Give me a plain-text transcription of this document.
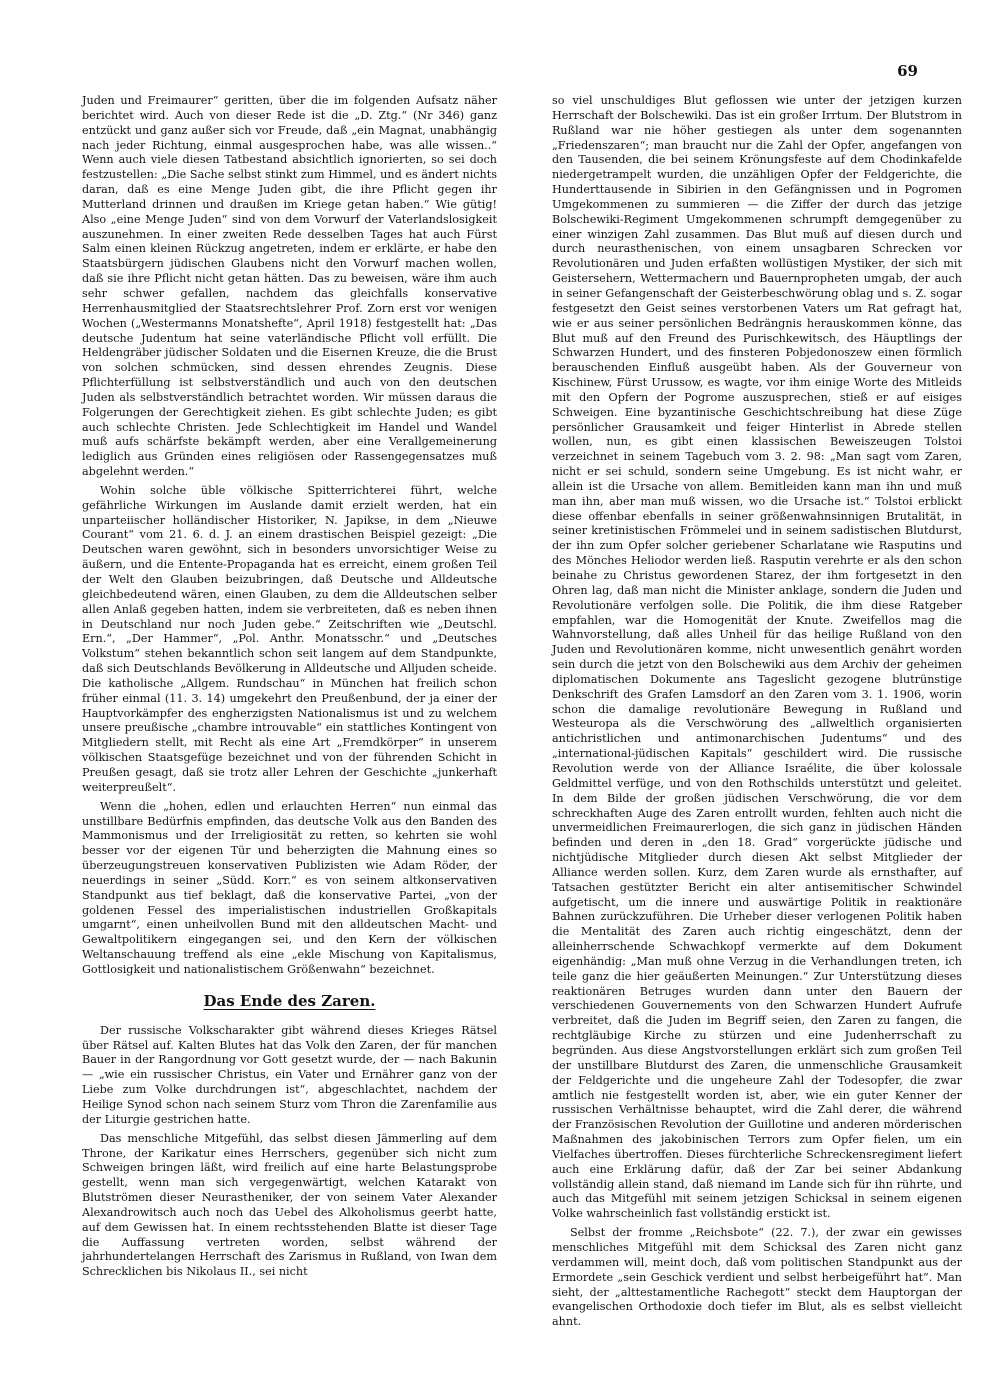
69

Juden und Freimaurer“ geritten, über die im folgenden Aufsatz näher berichtet wird. Auch von dieser Rede ist die „D. Ztg.“ (Nr 346) ganz entzückt und ganz außer sich vor Freude, daß „ein Magnat, unabhängig nach jeder Richtung, einmal ausgesprochen habe, was alle wissen..“ Wenn auch viele diesen Tatbestand absichtlich ignorierten, so sei doch festzustellen: „Die Sache selbst stinkt zum Himmel, und es ändert nichts daran, daß es eine Menge Juden gibt, die ihre Pflicht gegen ihr Mutterland drinnen und draußen im Kriege getan haben.“ Wie gütig! Also „eine Menge Juden“ sind von dem Vorwurf der Vaterlandslosigkeit auszunehmen. In einer zweiten Rede desselben Tages hat auch Fürst Salm einen kleinen Rückzug angetreten, indem er erklärte, er habe den Staatsbürgern jüdischen Glaubens nicht den Vorwurf machen wollen, daß sie ihre Pflicht nicht getan hätten. Das zu beweisen, wäre ihm auch sehr schwer gefallen, nachdem das gleichfalls konservative Herrenhausmitglied der Staatsrechtslehrer Prof. Zorn erst vor wenigen Wochen („Westermanns Monatshefte“, April 1918) festgestellt hat: „Das deutsche Judentum hat seine vaterländische Pflicht voll erfüllt. Die Heldengräber jüdischer Soldaten und die Eisernen Kreuze, die die Brust von solchen schmücken, sind dessen ehrendes Zeugnis. Diese Pflichterfüllung ist selbstverständlich und auch von den deutschen Juden als selbstverständlich betrachtet worden. Wir müssen daraus die Folgerungen der Gerechtigkeit ziehen. Es gibt schlechte Juden; es gibt auch schlechte Christen. Jede Schlechtigkeit im Handel und Wandel muß aufs schärfste bekämpft werden, aber eine Verallgemeinerung lediglich aus Gründen eines religiösen oder Rassengegensatzes muß abgelehnt werden.“

Wohin solche üble völkische Spitterrichterei führt, welche gefährliche Wirkungen im Auslande damit erzielt werden, hat ein unparteiischer holländischer Historiker, N. Japikse, in dem „Nieuwe Courant“ vom 21. 6. d. J. an einem drastischen Beispiel gezeigt: „Die Deutschen waren gewöhnt, sich in besonders unvorsichtiger Weise zu äußern, und die Entente-Propaganda hat es erreicht, einem großen Teil der Welt den Glauben beizubringen, daß Deutsche und Alldeutsche gleichbedeutend wären, einen Glauben, zu dem die Alldeutschen selber allen Anlaß gegeben hatten, indem sie verbreiteten, daß es neben ihnen in Deutschland nur noch Juden gebe.“ Zeitschriften wie „Deutschl. Ern.“, „Der Hammer“, „Pol. Anthr. Monatsschr.“ und „Deutsches Volkstum“ stehen bekanntlich schon seit langem auf dem Standpunkte, daß sich Deutschlands Bevölkerung in Alldeutsche und Alljuden scheide. Die katholische „Allgem. Rundschau“ in München hat freilich schon früher einmal (11. 3. 14) umgekehrt den Preußenbund, der ja einer der Hauptvorkämpfer des engherzigsten Nationalismus ist und zu welchem unsere preußische „chambre introuvable“ ein stattliches Kontingent von Mitgliedern stellt, mit Recht als eine Art „Fremdkörper“ in unserem völkischen Staatsgefüge bezeichnet und von der führenden Schicht in Preußen gesagt, daß sie trotz aller Lehren der Geschichte „junkerhaft weiterpreußelt“.

Wenn die „hohen, edlen und erlauchten Herren“ nun einmal das unstillbare Bedürfnis empfinden, das deutsche Volk aus den Banden des Mammonismus und der Irreligiosität zu retten, so kehrten sie wohl besser vor der eigenen Tür und beherzigten die Mahnung eines so überzeugungstreuen konservativen Publizisten wie Adam Röder, der neuerdings in seiner „Südd. Korr.“ es von seinem altkonservativen Standpunkt aus tief beklagt, daß die konservative Partei, „von der goldenen Fessel des imperialistischen industriellen Großkapitals umgarnt“, einen unheilvollen Bund mit den alldeutschen Macht- und Gewaltpolitikern eingegangen sei, und den Kern der völkischen Weltanschauung treffend als eine „ekle Mischung von Kapitalismus, Gottlosigkeit und nationalistischem Größenwahn“ bezeichnet.

Das Ende des Zaren.

Der russische Volkscharakter gibt während dieses Krieges Rätsel über Rätsel auf. Kalten Blutes hat das Volk den Zaren, der für manchen Bauer in der Rangordnung vor Gott gesetzt wurde, der — nach Bakunin — „wie ein russischer Christus, ein Vater und Ernährer ganz von der Liebe zum Volke durchdrungen ist“, abgeschlachtet, nachdem der Heilige Synod schon nach seinem Sturz vom Thron die Zarenfamilie aus der Liturgie gestrichen hatte.

Das menschliche Mitgefühl, das selbst diesen Jämmerling auf dem Throne, der Karikatur eines Herrschers, gegenüber sich nicht zum Schweigen bringen läßt, wird freilich auf eine harte Belastungsprobe gestellt, wenn man sich vergegenwärtigt, welchen Katarakt von Blutströmen dieser Neurastheniker, der von seinem Vater Alexander Alexandrowitsch auch noch das Uebel des Alkoholismus geerbt hatte, auf dem Gewissen hat. In einem rechtsstehenden Blatte ist dieser Tage die Auffassung vertreten worden, selbst während der jahrhundertelangen Herrschaft des Zarismus in Rußland, von Iwan dem Schrecklichen bis Nikolaus II., sei nicht

so viel unschuldiges Blut geflossen wie unter der jetzigen kurzen Herrschaft der Bolschewiki. Das ist ein großer Irrtum. Der Blutstrom in Rußland war nie höher gestiegen als unter dem sogenannten „Friedenszaren“; man braucht nur die Zahl der Opfer, angefangen von den Tausenden, die bei seinem Krönungsfeste auf dem Chodinkafelde niedergetrampelt wurden, die unzähligen Opfer der Feldgerichte, die Hunderttausende in Sibirien in den Gefängnissen und in Pogromen Umgekommenen zu summieren — die Ziffer der durch das jetzige Bolschewiki-Regiment Umgekommenen schrumpft demgegenüber zu einer winzigen Zahl zusammen. Das Blut muß auf diesen durch und durch neurasthenischen, von einem unsagbaren Schrecken vor Revolutionären und Juden erfaßten wollüstigen Mystiker, der sich mit Geistersehern, Wettermachern und Bauernpropheten umgab, der auch in seiner Gefangenschaft der Geisterbeschwörung oblag und s. Z. sogar festgesetzt den Geist seines verstorbenen Vaters um Rat gefragt hat, wie er aus seiner persönlichen Bedrängnis herauskommen könne, das Blut muß auf den Freund des Purischkewitsch, des Häuptlings der Schwarzen Hundert, und des finsteren Pobjedonoszew einen förmlich berauschenden Einfluß ausgeübt haben. Als der Gouverneur von Kischinew, Fürst Urussow, es wagte, vor ihm einige Worte des Mitleids mit den Opfern der Pogrome auszusprechen, stieß er auf eisiges Schweigen. Eine byzantinische Geschichtschreibung hat diese Züge persönlicher Grausamkeit und feiger Hinterlist in Abrede stellen wollen, nun, es gibt einen klassischen Beweiszeugen Tolstoi verzeichnet in seinem Tagebuch vom 3. 2. 98: „Man sagt vom Zaren, nicht er sei schuld, sondern seine Umgebung. Es ist nicht wahr, er allein ist die Ursache von allem. Bemitleiden kann man ihn und muß man ihn, aber man muß wissen, wo die Ursache ist.“ Tolstoi erblickt diese offenbar ebenfalls in seiner größenwahnsinnigen Brutalität, in seiner kretinistischen Frömmelei und in seinem sadistischen Blutdurst, der ihn zum Opfer solcher geriebener Scharlatane wie Rasputins und des Mönches Heliodor werden ließ. Rasputin verehrte er als den schon beinahe zu Christus gewordenen Starez, der ihm fortgesetzt in den Ohren lag, daß man nicht die Minister anklage, sondern die Juden und Revolutionäre verfolgen solle. Die Politik, die ihm diese Ratgeber empfahlen, war die Homogenität der Knute. Zweifellos mag die Wahnvorstellung, daß alles Unheil für das heilige Rußland von den Juden und Revolutionären komme, nicht unwesentlich genährt worden sein durch die jetzt von den Bolschewiki aus dem Archiv der geheimen diplomatischen Dokumente ans Tageslicht gezogene blutrünstige Denkschrift des Grafen Lamsdorf an den Zaren vom 3. 1. 1906, worin schon die damalige revolutionäre Bewegung in Rußland und Westeuropa als die Verschwörung des „allweltlich organisierten antichristlichen und antimonarchischen Judentums“ und des „international-jüdischen Kapitals“ geschildert wird. Die russische Revolution werde von der Alliance Israélite, die über kolossale Geldmittel verfüge, und von den Rothschilds unterstützt und geleitet. In dem Bilde der großen jüdischen Verschwörung, die vor dem schreckhaften Auge des Zaren entrollt wurden, fehlten auch nicht die unvermeidlichen Freimaurerlogen, die sich ganz in jüdischen Händen befinden und deren in „den 18. Grad“ vorgerückte jüdische und nichtjüdische Mitglieder durch diesen Akt selbst Mitglieder der Alliance werden sollen. Kurz, dem Zaren wurde als ernsthafter, auf Tatsachen gestützter Bericht ein alter antisemitischer Schwindel aufgetischt, um die innere und auswärtige Politik in reaktionäre Bahnen zurückzuführen. Die Urheber dieser verlogenen Politik haben die Mentalität des Zaren auch richtig eingeschätzt, denn der alleinherrschende Schwachkopf vermerkte auf dem Dokument eigenhändig: „Man muß ohne Verzug in die Verhandlungen treten, ich teile ganz die hier geäußerten Meinungen.“ Zur Unterstützung dieses reaktionären Betruges wurden dann unter den Bauern der verschiedenen Gouvernements von den Schwarzen Hundert Aufrufe verbreitet, daß die Juden im Begriff seien, den Zaren zu fangen, die rechtgläubige Kirche zu stürzen und eine Judenherrschaft zu begründen. Aus diese Angstvorstellungen erklärt sich zum großen Teil der unstillbare Blutdurst des Zaren, die unmenschliche Grausamkeit der Feldgerichte und die ungeheure Zahl der Todesopfer, die zwar amtlich nie festgestellt worden ist, aber, wie ein guter Kenner der russischen Verhältnisse behauptet, wird die Zahl derer, die während der Französischen Revolution der Guillotine und anderen mörderischen Maßnahmen des jakobinischen Terrors zum Opfer fielen, um ein Vielfaches übertroffen. Dieses fürchterliche Schreckensregiment liefert auch eine Erklärung dafür, daß der Zar bei seiner Abdankung vollständig allein stand, daß niemand im Lande sich für ihn rührte, und auch das Mitgefühl mit seinem jetzigen Schicksal in seinem eigenen Volke wahrscheinlich fast vollständig erstickt ist.

Selbst der fromme „Reichsbote“ (22. 7.), der zwar ein gewisses menschliches Mitgefühl mit dem Schicksal des Zaren nicht ganz verdammen will, meint doch, daß vom politischen Standpunkt aus der Ermordete „sein Geschick verdient und selbst herbeigeführt hat“. Man sieht, der „alttestamentliche Rachegott“ steckt dem Hauptorgan der evangelischen Orthodoxie doch tiefer im Blut, als es selbst vielleicht ahnt.
